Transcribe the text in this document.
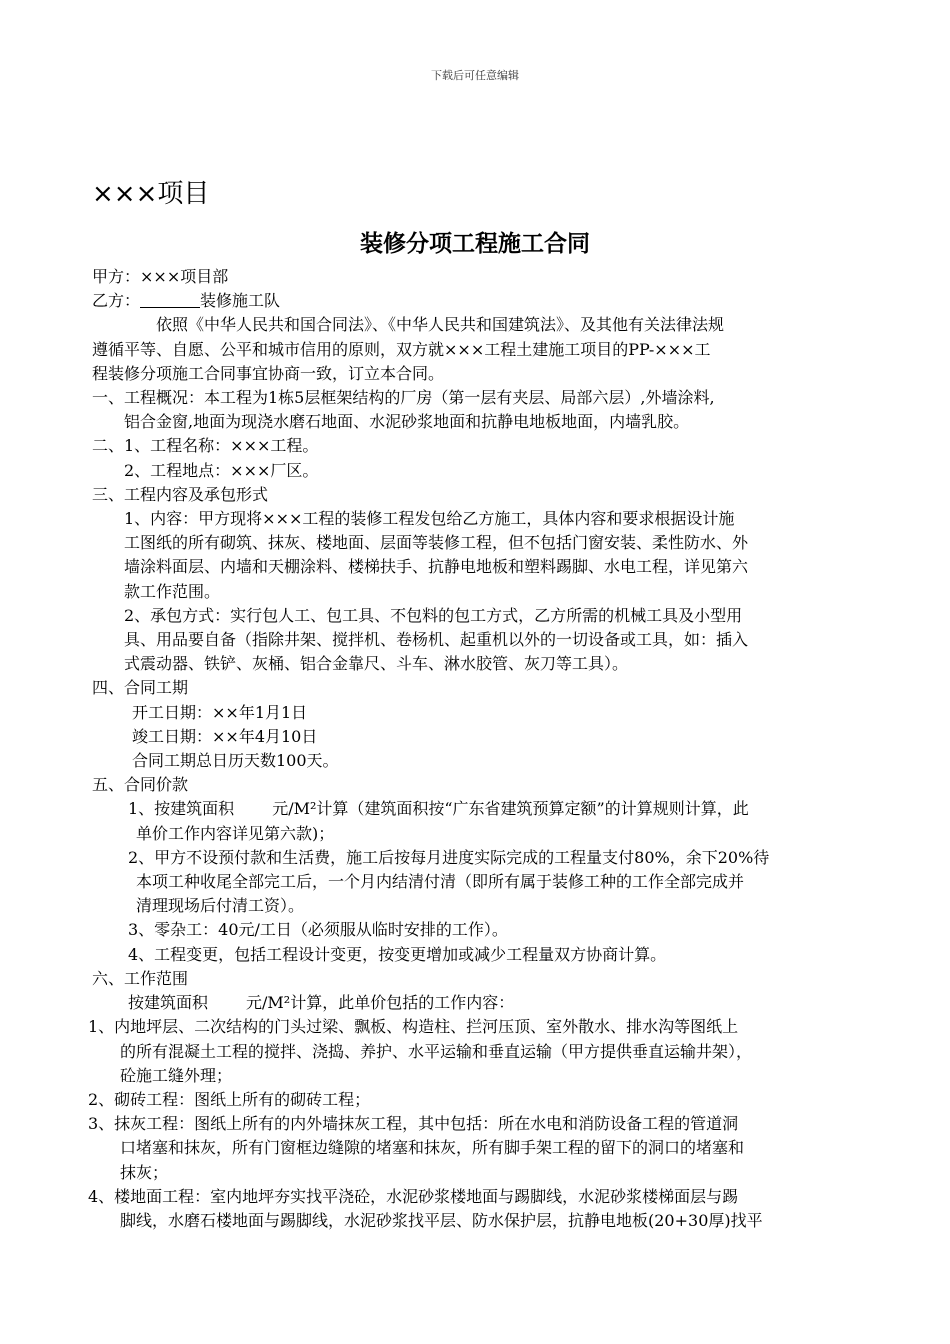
下载后可任意编辑
×××项目
装修分项工程施工合同
甲方：×××项目部
乙方：	装修施工队
依照《中华人民共和国合同法》、《中华人民共和国建筑法》、及其他有关法律法规
遵循平等、自愿、公平和城市信用的原则，双方就×××工程土建施工项目的PP-×××工
程装修分项施工合同事宜协商一致，订立本合同。
一、工程概况：本工程为1栋5层框架结构的厂房（第一层有夹层、局部六层）,外墙涂料,
铝合金窗,地面为现浇水磨石地面、水泥砂浆地面和抗静电地板地面，内墙乳胶。
二、1、工程名称：×××工程。
2、工程地点：×××厂区。
三、工程内容及承包形式
1、内容：甲方现将×××工程的装修工程发包给乙方施工，具体内容和要求根据设计施
工图纸的所有砌筑、抹灰、楼地面、层面等装修工程，但不包括门窗安装、柔性防水、外
墙涂料面层、内墙和天棚涂料、楼梯扶手、抗静电地板和塑料踢脚、水电工程，详见第六
款工作范围。
2、承包方式：实行包人工、包工具、不包料的包工方式，乙方所需的机械工具及小型用
具、用品要自备（指除井架、搅拌机、卷杨机、起重机以外的一切设备或工具，如：插入
式震动器、铁铲、灰桶、铝合金靠尺、斗车、淋水胶管、灰刀等工具）。
四、合同工期
开工日期：××年1月1日
竣工日期：××年4月10日
合同工期总日历天数100天。
五、合同价款
1、按建筑面积 元/M²计算（建筑面积按“广东省建筑预算定额”的计算规则计算，此
单价工作内容详见第六款)；
2、甲方不设预付款和生活费，施工后按每月进度实际完成的工程量支付80%，余下20%待
本项工种收尾全部完工后，一个月内结清付清（即所有属于装修工种的工作全部完成并
清理现场后付清工资）。
3、零杂工：40元/工日（必须服从临时安排的工作）。
4、工程变更，包括工程设计变更，按变更增加或减少工程量双方协商计算。
六、工作范围
按建筑面积 元/M²计算，此单价包括的工作内容：
1、内地坪层、二次结构的门头过梁、飘板、构造柱、拦河压顶、室外散水、排水沟等图纸上
的所有混凝土工程的搅拌、浇捣、养护、水平运输和垂直运输（甲方提供垂直运输井架），
砼施工缝外理；
2、砌砖工程：图纸上所有的砌砖工程；
3、抹灰工程：图纸上所有的内外墙抹灰工程，其中包括：所在水电和消防设备工程的管道洞
口堵塞和抹灰，所有门窗框边缝隙的堵塞和抹灰，所有脚手架工程的留下的洞口的堵塞和
抹灰；
4、楼地面工程：室内地坪夯实找平浇砼，水泥砂浆楼地面与踢脚线，水泥砂浆楼梯面层与踢
脚线，水磨石楼地面与踢脚线，水泥砂浆找平层、防水保护层，抗静电地板(20+30厚)找平
